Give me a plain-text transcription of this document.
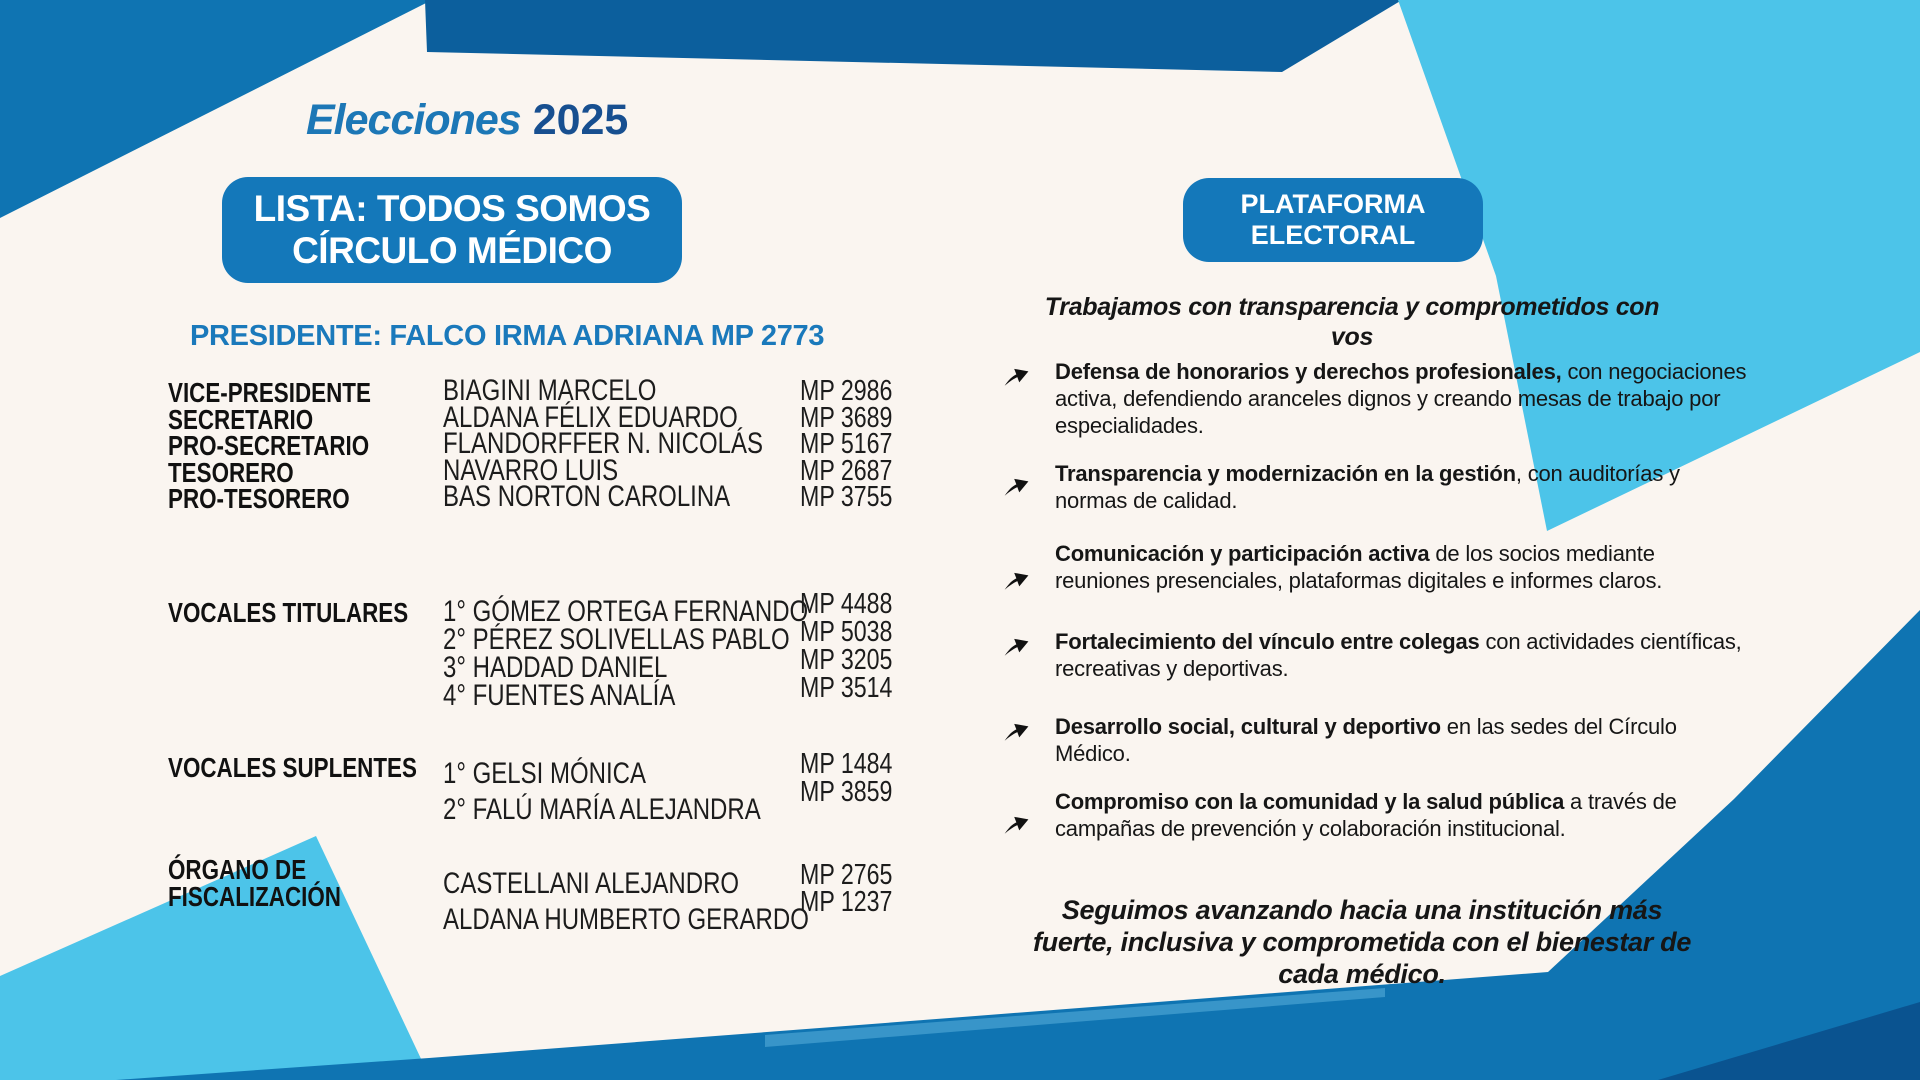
Elecciones 2025
LISTA: TODOS SOMOS
CÍRCULO MÉDICO
PRESIDENTE: FALCO IRMA ADRIANA MP 2773
VICE-PRESIDENTE
SECRETARIO
PRO-SECRETARIO
TESORERO
PRO-TESORERO
BIAGINI MARCELO
ALDANA FÉLIX EDUARDO
FLANDORFFER N. NICOLÁS
NAVARRO LUIS
BAS NORTON CAROLINA
MP 2986
MP 3689
MP 5167
MP 2687
MP 3755
VOCALES TITULARES	1° GÓMEZ ORTEGA FERNANDO
2° PÉREZ SOLIVELLAS PABLO
3° HADDAD DANIEL
4° FUENTES ANALÍA
MP 4488
MP 5038
MP 3205
MP 3514
VOCALES SUPLENTES 1° GELSI MÓNICA
2° FALÚ MARÍA ALEJANDRA
MP 1484
MP 3859
ÓRGANO DE
FISCALIZACIÓN	CASTELLANI ALEJANDRO
ALDANA HUMBERTO GERARDO
MP 2765
MP 1237
PLATAFORMA
ELECTORAL
Trabajamos con transparencia y comprometidos con vos
Defensa de honorarios y derechos profesionales, con negociaciones activa, defendiendo aranceles dignos y creando mesas de trabajo por especialidades.
Transparencia y modernización en la gestión, con auditorías y normas de calidad.
Comunicación y participación activa de los socios mediante reuniones presenciales, plataformas digitales e informes claros.
Fortalecimiento del vínculo entre colegas con actividades científicas, recreativas y deportivas.
Desarrollo social, cultural y deportivo en las sedes del Círculo Médico.
Compromiso con la comunidad y la salud pública a través de campañas de prevención y colaboración institucional.
Seguimos avanzando hacia una institución más fuerte, inclusiva y comprometida con el bienestar de cada médico.
